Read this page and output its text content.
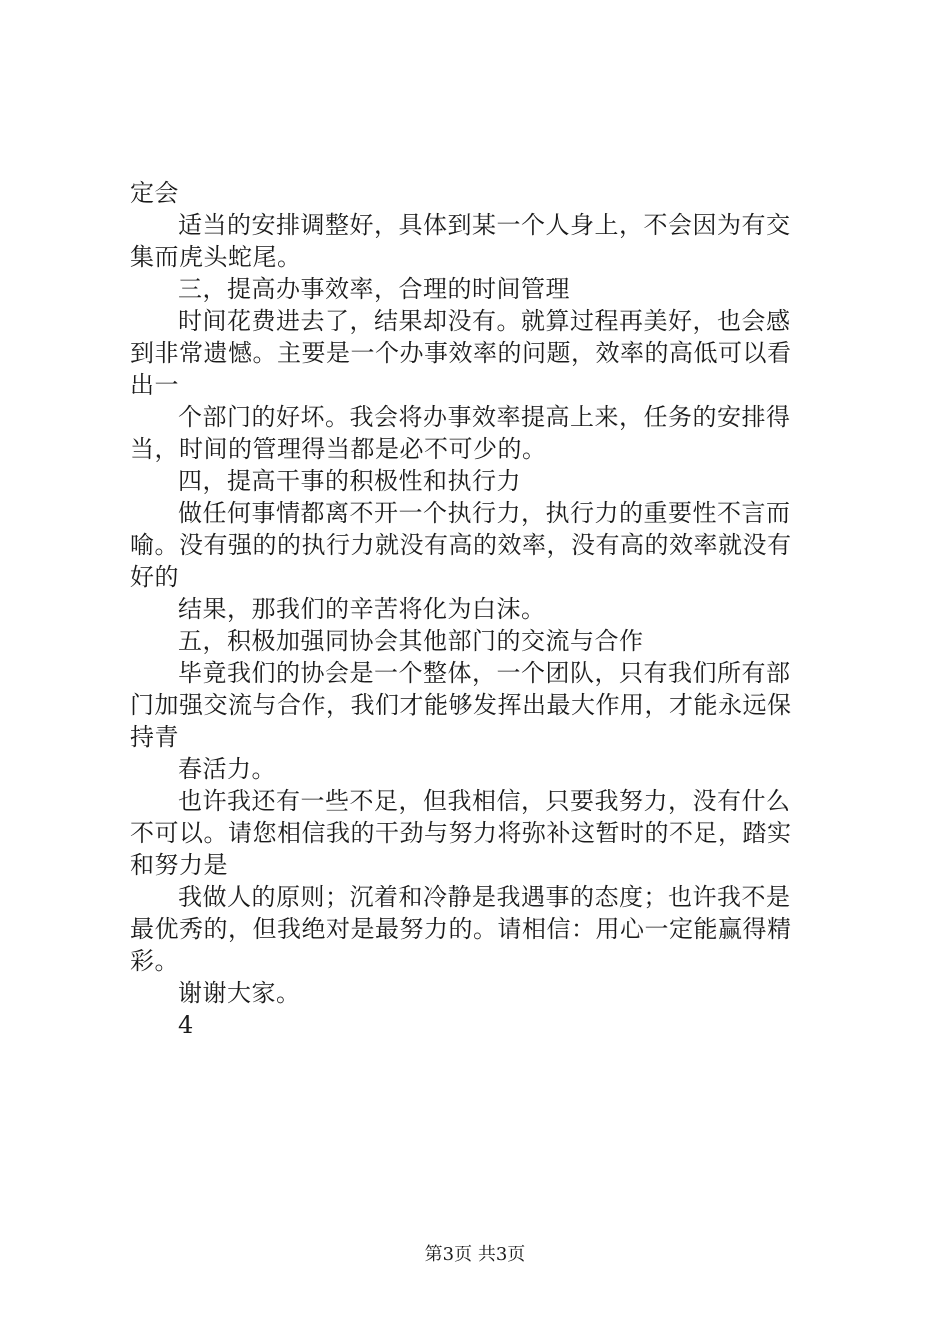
定会
适当的安排调整好，具体到某一个人身上，不会因为有交
集而虎头蛇尾。
三，提高办事效率，合理的时间管理
时间花费进去了，结果却没有。就算过程再美好，也会感
到非常遗憾。主要是一个办事效率的问题，效率的高低可以看
出一
个部门的好坏。我会将办事效率提高上来，任务的安排得
当，时间的管理得当都是必不可少的。
四，提高干事的积极性和执行力
做任何事情都离不开一个执行力，执行力的重要性不言而
喻。没有强的的执行力就没有高的效率，没有高的效率就没有
好的
结果，那我们的辛苦将化为白沫。
五，积极加强同协会其他部门的交流与合作
毕竟我们的协会是一个整体，一个团队，只有我们所有部
门加强交流与合作，我们才能够发挥出最大作用，才能永远保
持青
春活力。
也许我还有一些不足，但我相信，只要我努力，没有什么
不可以。请您相信我的干劲与努力将弥补这暂时的不足，踏实
和努力是
我做人的原则；沉着和冷静是我遇事的态度；也许我不是
最优秀的，但我绝对是最努力的。请相信：用心一定能赢得精
彩。
谢谢大家。
4
第3页 共3页
